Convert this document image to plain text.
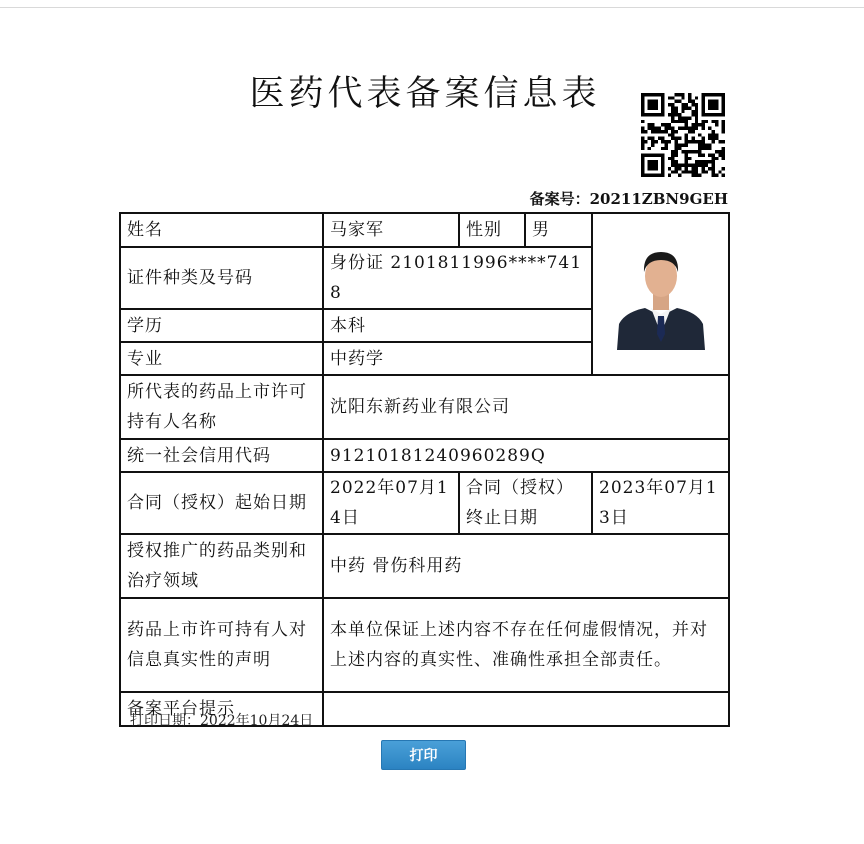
医药代表备案信息表
备案号：20211ZBN9GEH
姓名	马家军	性别	男	

证件种类及号码	身份证 2101811996****7418			
学历	本科			
专业	中药学			
所代表的药品上市许可持有人名称	沈阳东新药业有限公司			
统一社会信用代码	91210181240960289Q			
合同（授权）起始日期	2022年07月14日	合同（授权）终止日期		2023年07月13日
授权推广的药品类别和治疗领域	中药 骨伤科用药			
药品上市许可持有人对信息真实性的声明	本单位保证上述内容不存在任何虚假情况，并对上述内容的真实性、准确性承担全部责任。			
备案平台提示				
打印日期：2022年10月24日
打印
